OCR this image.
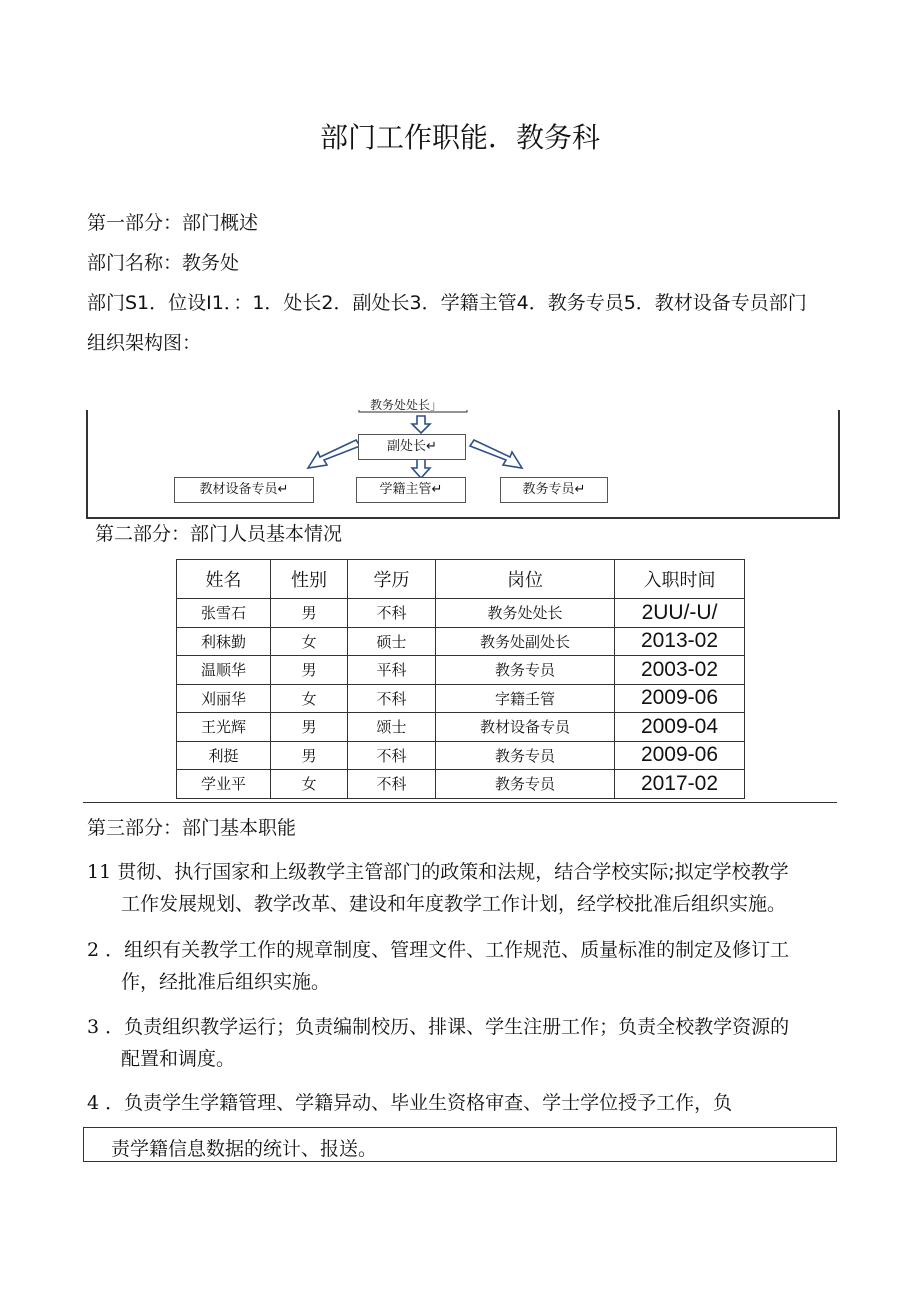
部门工作职能．教务科
第一部分：部门概述
部门名称：教务处
部门S1．位设I1．：1．处长2．副处长3．学籍主管4．教务专员5．教材设备专员部门
组织架构图：
教务处处长」
副处长↵
教材设备专员↵	学籍主管↵	教务专员↵
第二部分：部门人员基本情况
姓名	性别	学历	岗位	入职时间
张雪石	男	不科	教务处处长	2UU/-U/
利秣勤	女	硕士	教务处副处长	2013-02
温顺华	男	平科	教务专员	2003-02
刈丽华	女	不科	字籍壬管	2009-06
王光辉	男	颂士	教材设备专员	2009-04
利挺	男	不科	教务专员	2009-06
学业平	女	不科	教务专员	2017-02
第三部分：部门基本职能
11 贯彻、执行国家和上级教学主管部门的政策和法规，结合学校实际;拟定学校教学
工作发展规划、教学改革、建设和年度教学工作计划，经学校批准后组织实施。
2 ．组织有关教学工作的规章制度、管理文件、工作规范、质量标准的制定及修订工
作，经批准后组织实施。
3 ．负责组织教学运行；负责编制校历、排课、学生注册工作；负责全校教学资源的
配置和调度。
4 ．负责学生学籍管理、学籍异动、毕业生资格审查、学士学位授予工作，负
责学籍信息数据的统计、报送。
